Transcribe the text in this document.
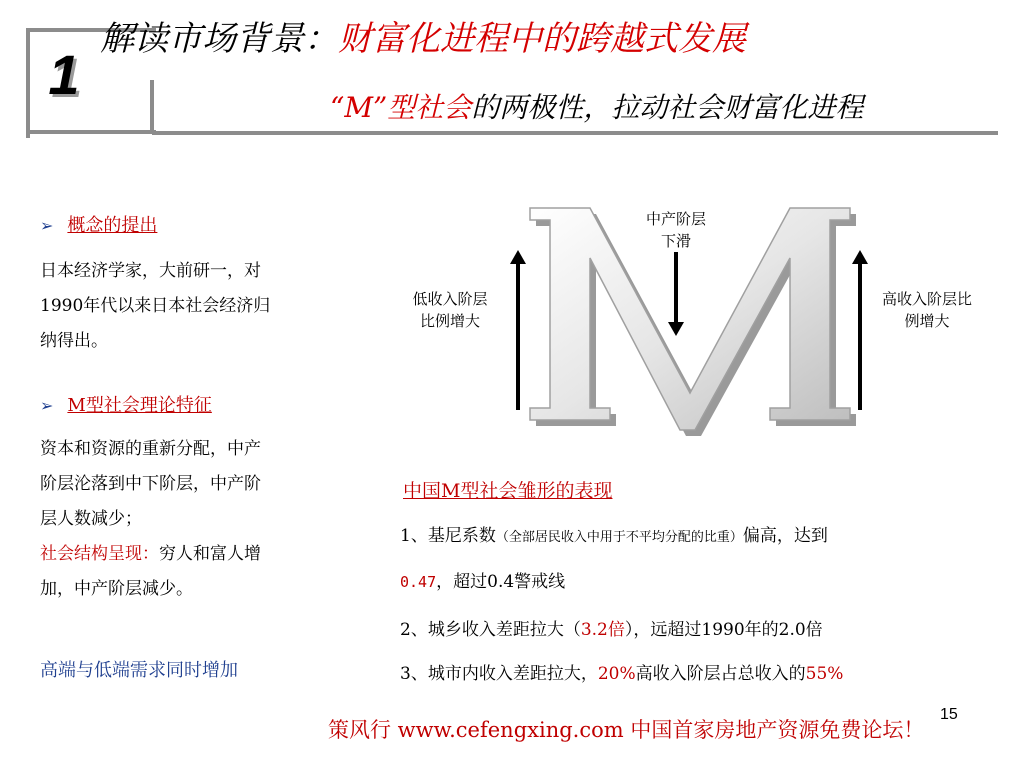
1
解读市场背景：财富化进程中的跨越式发展
“M”型社会的两极性，拉动社会财富化进程
➢ 概念的提出
日本经济学家，大前研一，对
1990年代以来日本社会经济归
纳得出。
➢ M型社会理论特征
资本和资源的重新分配，中产
阶层沦落到中下阶层，中产阶
层人数减少；
社会结构呈现：穷人和富人增
加，中产阶层减少。
高端与低端需求同时增加
低收入阶层
比例增大
中产阶层
下滑
高收入阶层比
例增大
中国M型社会雏形的表现
1、基尼系数（全部居民收入中用于不平均分配的比重）偏高，达到
0.47，超过0.4警戒线
2、城乡收入差距拉大（3.2倍），远超过1990年的2.0倍
3、城市内收入差距拉大，20%高收入阶层占总收入的55%
策风行 www.cefengxing.com 中国首家房地产资源免费论坛！
15
